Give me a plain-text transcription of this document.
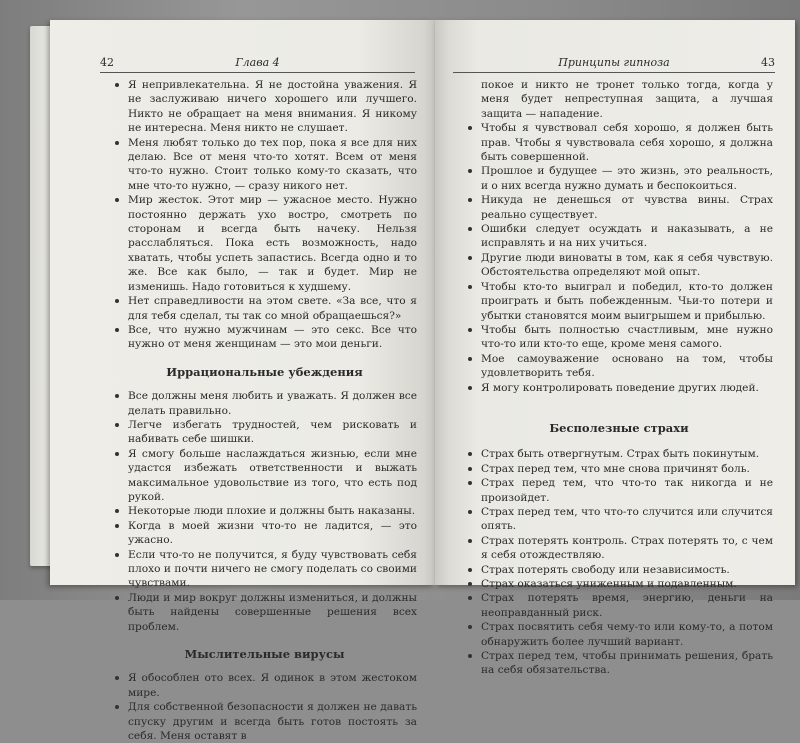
42	Глава 4
Я непривлекательна. Я не достойна уважения. Я не заслуживаю ничего хорошего или лучшего. Никто не обращает на меня внимания. Я никому не интересна. Меня никто не слушает.
Меня любят только до тех пор, пока я все для них делаю. Все от меня что-то хотят. Всем от меня что-то нужно. Стоит только кому-то сказать, что мне что-то нужно, — сразу никого нет.
Мир жесток. Этот мир — ужасное место. Нужно постоянно держать ухо востро, смотреть по сторонам и всегда быть начеку. Нельзя расслабляться. Пока есть возможность, надо хватать, чтобы успеть запастись. Всегда одно и то же. Все как было, — так и будет. Мир не изменишь. Надо готовиться к худшему.
Нет справедливости на этом свете. «За все, что я для тебя сделал, ты так со мной обращаешься?»
Все, что нужно мужчинам — это секс. Все что нужно от меня женщинам — это мои деньги.
Иррациональные убеждения
Все должны меня любить и уважать. Я должен все делать правильно.
Легче избегать трудностей, чем рисковать и набивать себе шишки.
Я смогу больше наслаждаться жизнью, если мне удастся избежать ответственности и выжать максимальное удовольствие из того, что есть под рукой.
Некоторые люди плохие и должны быть наказаны.
Когда в моей жизни что-то не ладится, — это ужасно.
Если что-то не получится, я буду чувствовать себя плохо и почти ничего не смогу поделать со своими чувствами.
Люди и мир вокруг должны измениться, и должны быть найдены совершенные решения всех проблем.
Мыслительные вирусы
Я обособлен ото всех. Я одинок в этом жестоком мире.
Для собственной безопасности я должен не давать спуску другим и всегда быть готов постоять за себя. Меня оставят в
Принципы гипноза	43
покое и никто не тронет только тогда, когда у меня будет непреступная защита, а лучшая защита — нападение.
Чтобы я чувствовал себя хорошо, я должен быть прав. Чтобы я чувствовала себя хорошо, я должна быть совершенной.
Прошлое и будущее — это жизнь, это реальность, и о них всегда нужно думать и беспокоиться.
Никуда не денешься от чувства вины. Страх реально существует.
Ошибки следует осуждать и наказывать, а не исправлять и на них учиться.
Другие люди виноваты в том, как я себя чувствую. Обстоятельства определяют мой опыт.
Чтобы кто-то выиграл и победил, кто-то должен проиграть и быть побежденным. Чьи-то потери и убытки становятся моим выигрышем и прибылью.
Чтобы быть полностью счастливым, мне нужно что-то или кто-то еще, кроме меня самого.
Мое самоуважение основано на том, чтобы удовлетворить тебя.
Я могу контролировать поведение других людей.
Бесполезные страхи
Страх быть отвергнутым. Страх быть покинутым.
Страх перед тем, что мне снова причинят боль.
Страх перед тем, что что-то так никогда и не произойдет.
Страх перед тем, что что-то случится или случится опять.
Страх потерять контроль. Страх потерять то, с чем я себя отождествляю.
Страх потерять свободу или независимость.
Страх оказаться униженным и подавленным.
Страх потерять время, энергию, деньги на неоправданный риск.
Страх посвятить себя чему-то или кому-то, а потом обнаружить более лучший вариант.
Страх перед тем, чтобы принимать решения, брать на себя обязательства.
